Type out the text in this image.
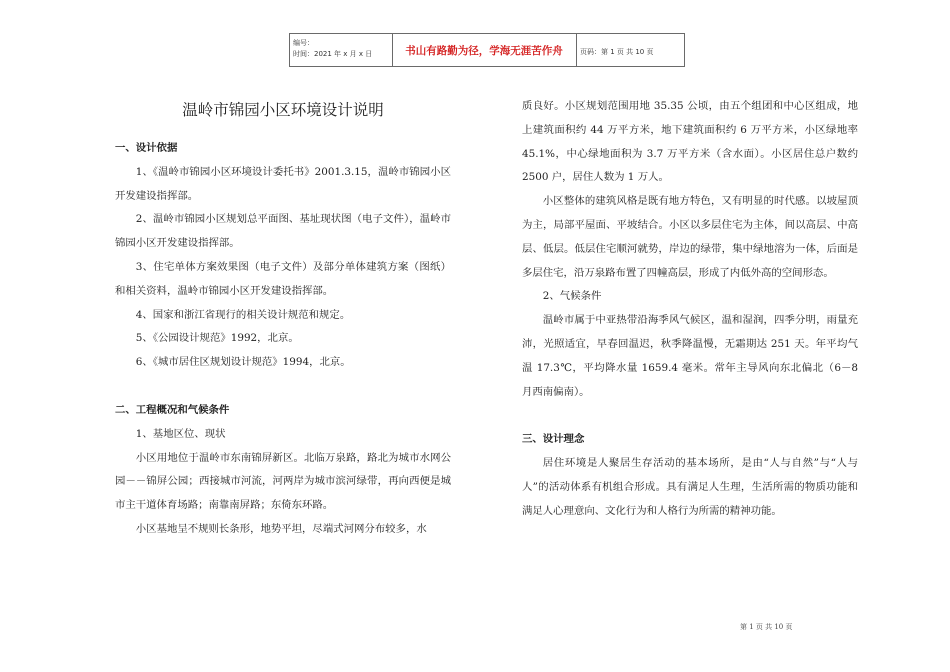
编号：
时间：2021 年 x 月 x 日	书山有路勤为径，学海无涯苦作舟	页码：第 1 页 共 10 页
温岭市锦园小区环境设计说明

一、设计依据

1、《温岭市锦园小区环境设计委托书》2001.3.15，温岭市锦园小区开发建设指挥部。

2、温岭市锦园小区规划总平面图、基址现状图（电子文件），温岭市锦园小区开发建设指挥部。

3、住宅单体方案效果图（电子文件）及部分单体建筑方案（图纸）和相关资料，温岭市锦园小区开发建设指挥部。

4、国家和浙江省现行的相关设计规范和规定。

5、《公园设计规范》1992，北京。

6、《城市居住区规划设计规范》1994，北京。

二、工程概况和气候条件

1、基地区位、现状

小区用地位于温岭市东南锦屏新区。北临万泉路，路北为城市水网公园－－锦屏公园；西接城市河流，河两岸为城市滨河绿带，再向西便是城市主干道体育场路；南靠南屏路；东倚东环路。

小区基地呈不规则长条形，地势平坦，尽端式河网分布较多，水

质良好。小区规划范围用地 35.35 公顷，由五个组团和中心区组成，地上建筑面积约 44 万平方米，地下建筑面积约 6 万平方米，小区绿地率 45.1%，中心绿地面积为 3.7 万平方米（含水面）。小区居住总户数约 2500 户，居住人数为 1 万人。

小区整体的建筑风格是既有地方特色，又有明显的时代感。以坡屋顶为主，局部平屋面、平坡结合。小区以多层住宅为主体，间以高层、中高层、低层。低层住宅顺河就势，岸边的绿带，集中绿地溶为一体，后面是多层住宅，沿万泉路布置了四幢高层，形成了内低外高的空间形态。

2、气候条件

温岭市属于中亚热带沿海季风气候区，温和湿润，四季分明，雨量充沛，光照适宜，早春回温迟，秋季降温慢，无霜期达 251 天。年平均气温 17.3℃，平均降水量 1659.4 毫米。常年主导风向东北偏北（6－8 月西南偏南）。

三、设计理念

居住环境是人聚居生存活动的基本场所，是由“人与自然”与“人与人”的活动体系有机组合形成。具有满足人生理，生活所需的物质功能和满足人心理意向、文化行为和人格行为所需的精神功能。

第 1 页 共 10 页
